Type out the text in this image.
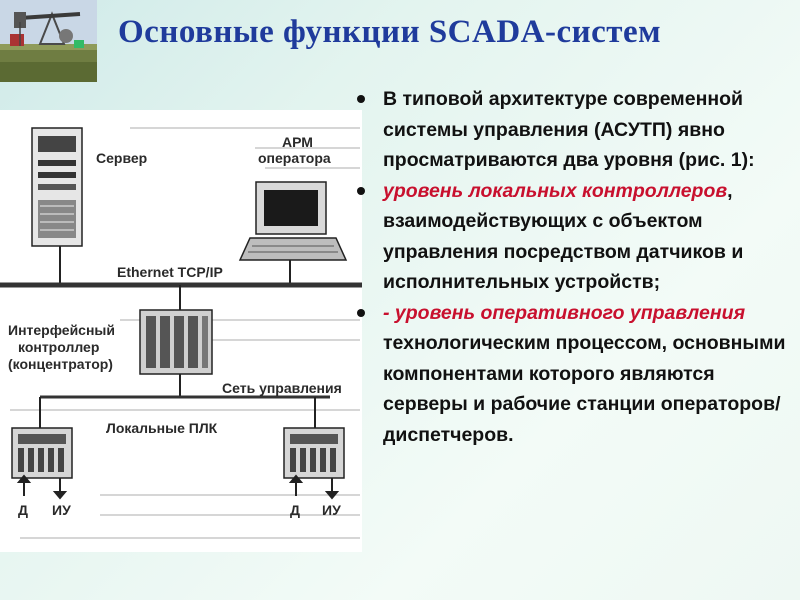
Основные функции SCADA-систем
Сервер
АРМ
оператора
Ethernet TCP/IP
Интерфейсный
контроллер
(концентратор)
Сеть управления
Локальные ПЛК
Д ИУ	Д ИУ
В типовой архитектуре современной системы управления (АСУТП) явно просматриваются два уровня (рис. 1):
уровень локальных контроллеров, взаимодействующих с объектом управления посредством датчиков и исполнительных устройств;
- уровень оперативного управления технологическим процессом, основными компонентами которого являются серверы и рабочие станции операторов/диспетчеров.
